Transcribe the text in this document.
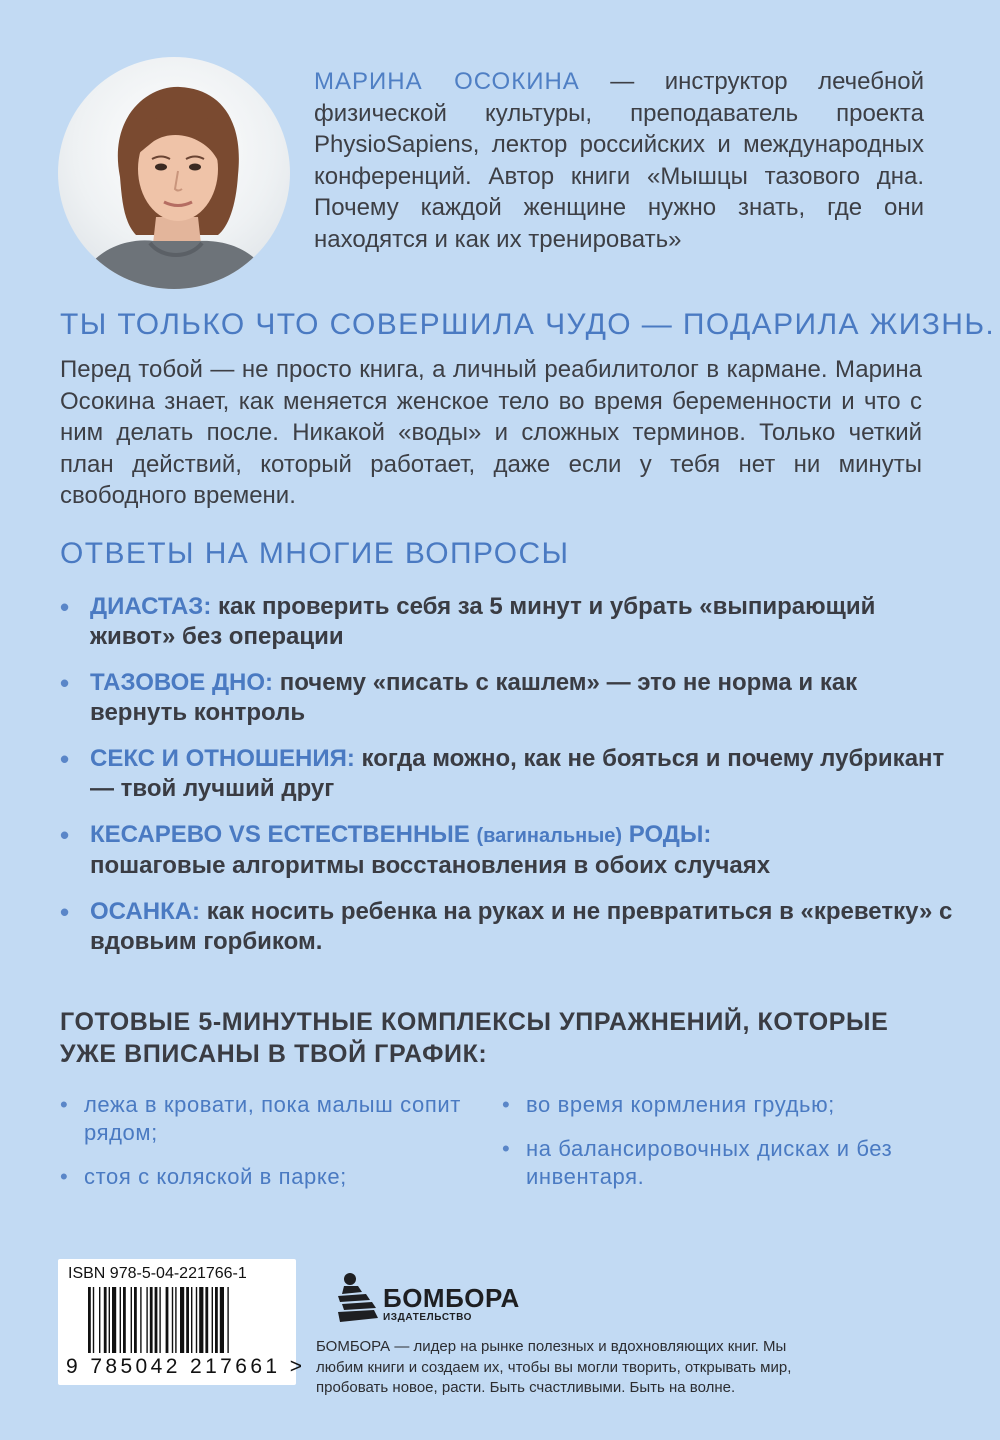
МАРИНА ОСОКИНА — инструктор лечебной физической культуры, преподаватель проекта PhysioSapiens, лектор российских и международных конференций. Автор книги «Мышцы тазового дна. Почему каждой женщине нужно знать, где они находятся и как их тренировать»
ТЫ ТОЛЬКО ЧТО СОВЕРШИЛА ЧУДО — ПОДАРИЛА ЖИЗНЬ.
Перед тобой — не просто книга, а личный реабилитолог в кармане. Марина Осокина знает, как меняется женское тело во время беременности и что с ним делать после. Никакой «воды» и сложных терминов. Только четкий план действий, который работает, даже если у тебя нет ни минуты свободного времени.
ОТВЕТЫ НА МНОГИЕ ВОПРОСЫ
• ДИАСТАЗ: как проверить себя за 5 минут и убрать «выпирающий живот» без операции
• ТАЗОВОЕ ДНО: почему «писать с кашлем» — это не норма и как вернуть контроль
• СЕКС И ОТНОШЕНИЯ: когда можно, как не бояться и почему лубрикант — твой лучший друг
• КЕСАРЕВО VS ЕСТЕСТВЕННЫЕ (вагинальные) РОДЫ:
пошаговые алгоритмы восстановления в обоих случаях
• ОСАНКА: как носить ребенка на руках и не превратиться в «креветку» с вдовьим горбиком.
ГОТОВЫЕ 5-МИНУТНЫЕ КОМПЛЕКСЫ УПРАЖНЕНИЙ, КОТОРЫЕ УЖЕ ВПИСАНЫ В ТВОЙ ГРАФИК:
• лежа в кровати, пока малыш сопит рядом;
• стоя с коляской в парке;
• во время кормления грудью;
• на балансировочных дисках и без инвентаря.
ISBN 978-5-04-221766-1
9 785042 217661 >
БОМБОРА
ИЗДАТЕЛЬСТВО
БОМБОРА — лидер на рынке полезных и вдохновляющих книг. Мы любим книги и создаем их, чтобы вы могли творить, открывать мир, пробовать новое, расти. Быть счастливыми. Быть на волне.
